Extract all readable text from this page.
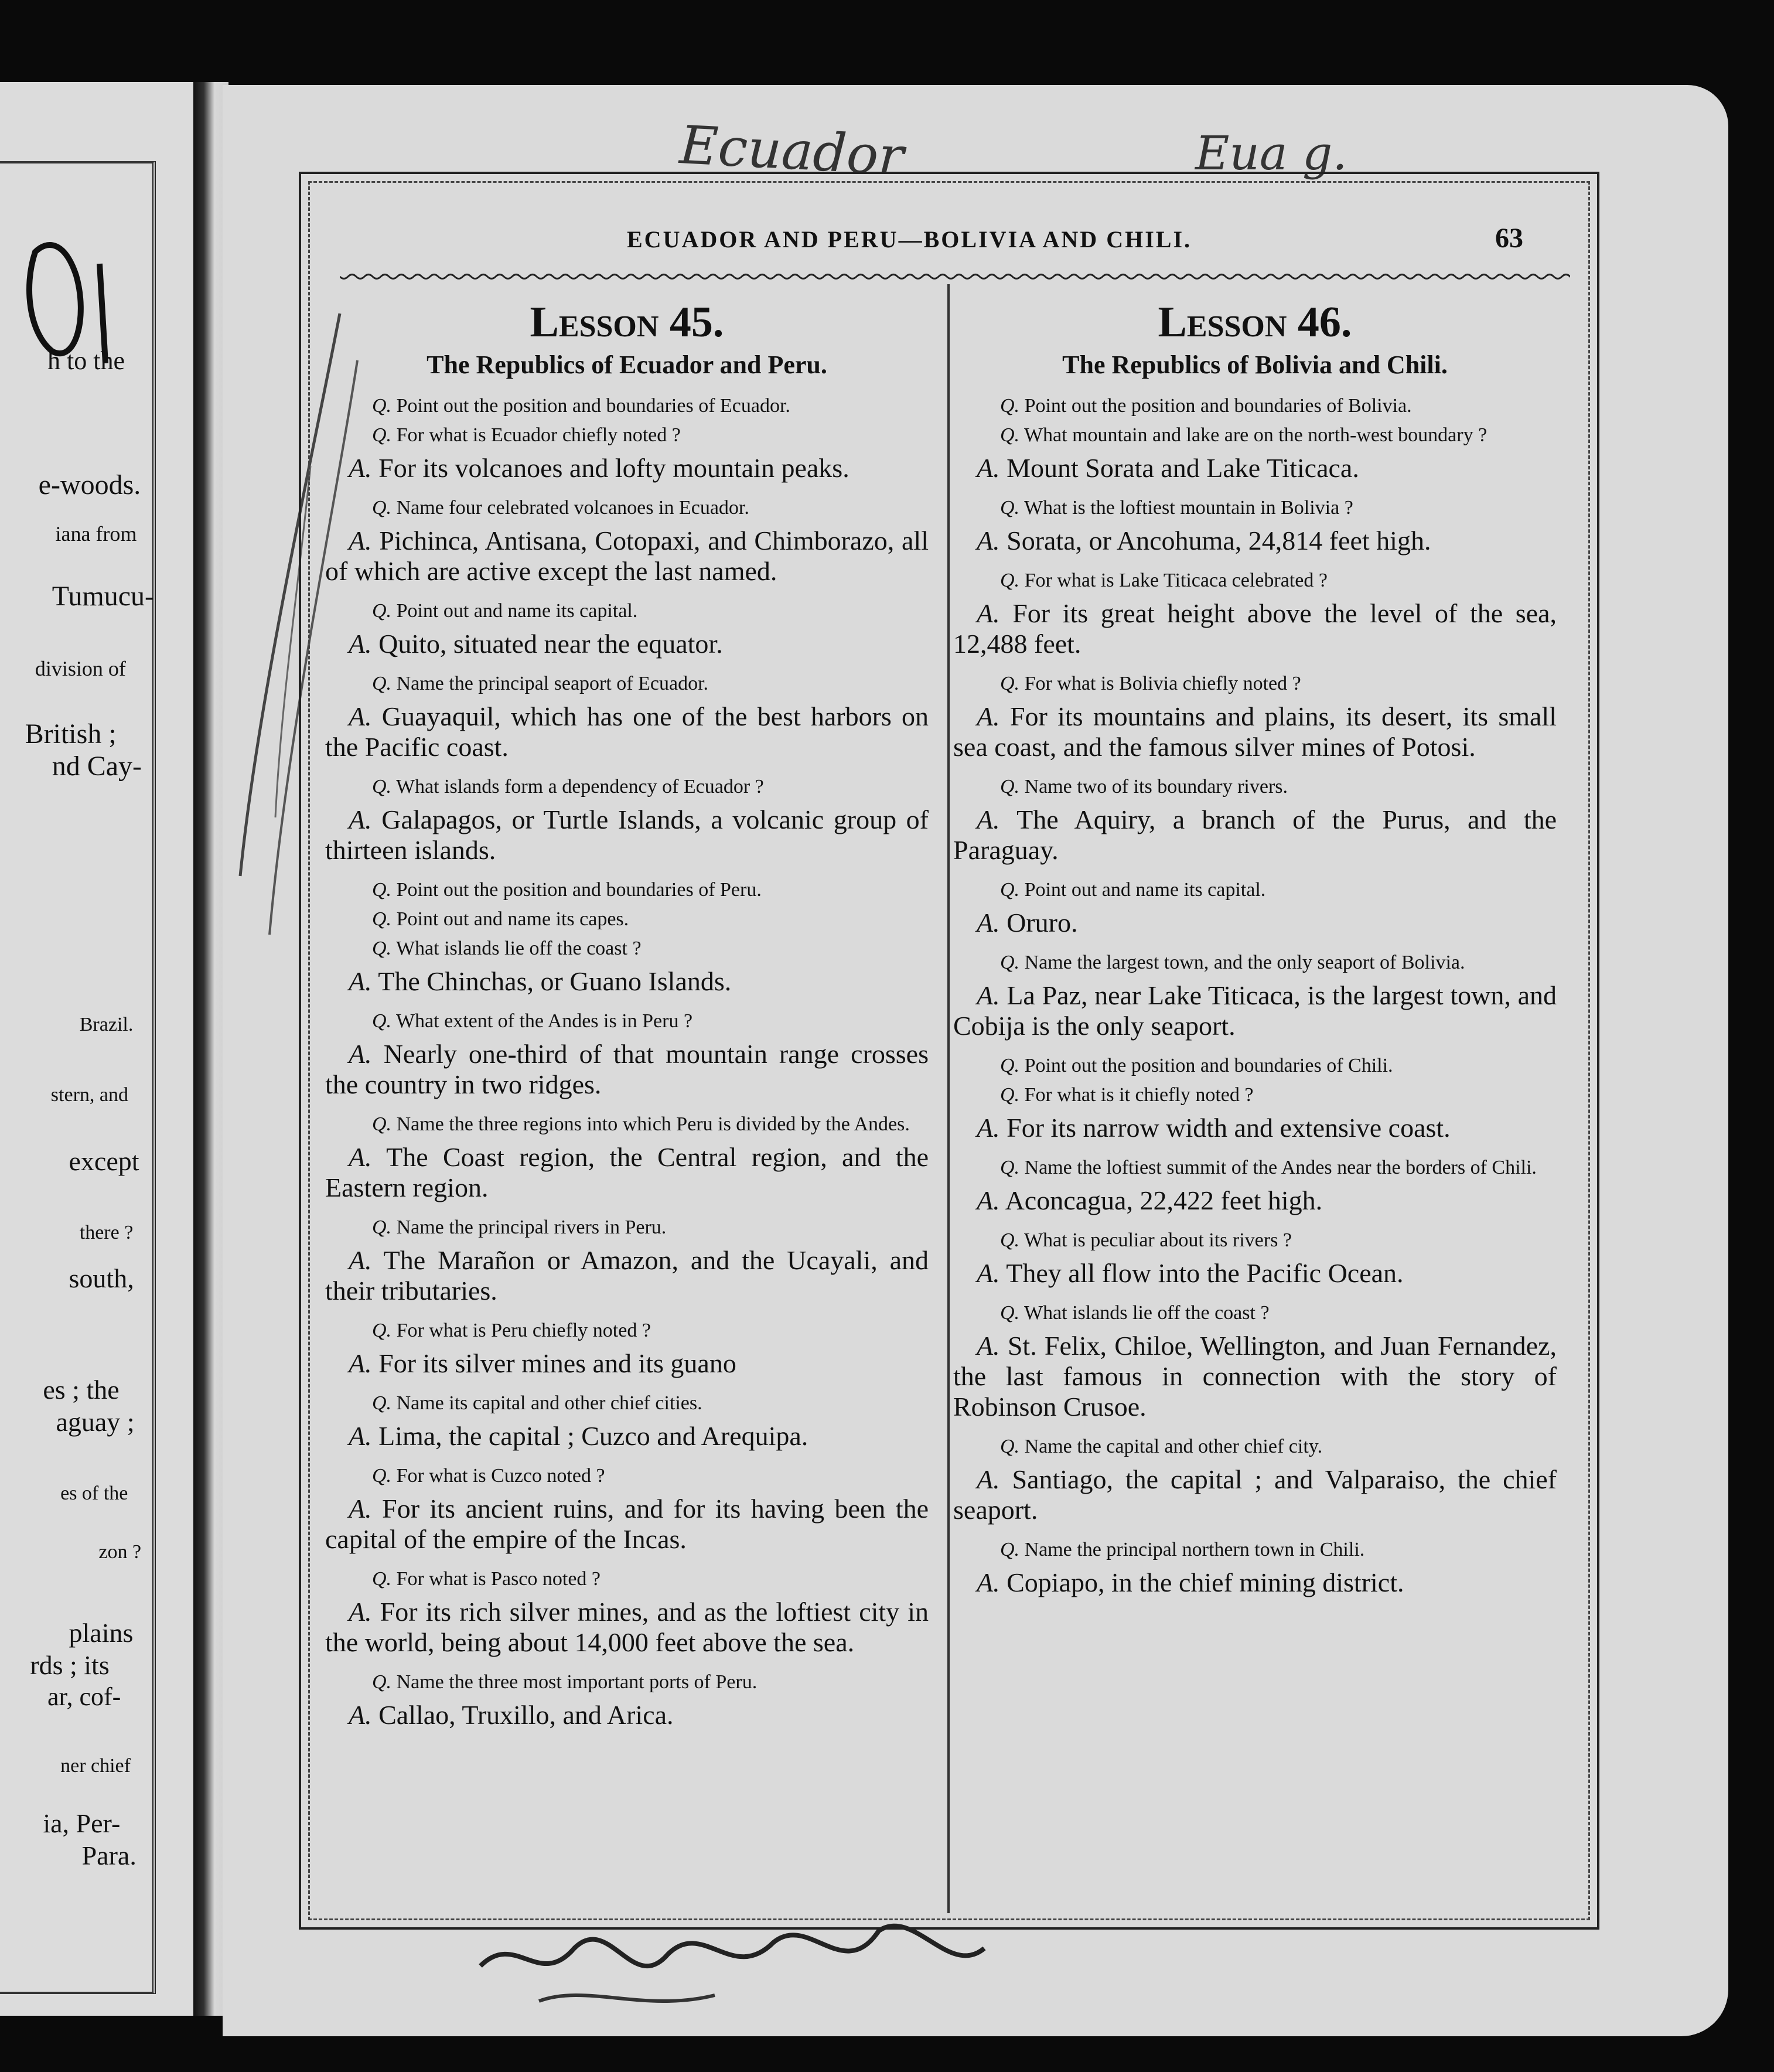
h to the
e-woods.
iana from
Tumucu-
division of
British ;
nd Cay-
Brazil.
stern, and
except
there ?
south,
es ; the
aguay ;
es of the
zon ?
plains
rds ; its
ar, cof-
ner chief
ia, Per-
Para.
Ecuador	Eua g.
ECUADOR AND PERU—BOLIVIA AND CHILI.	63
Lesson 45.
The Republics of Ecuador and Peru.

Q. Point out the position and boundaries of Ecuador.

Q. For what is Ecuador chiefly noted ?

A. For its volcanoes and lofty mountain peaks.

Q. Name four celebrated volcanoes in Ecuador.

A. Pichinca, Antisana, Cotopaxi, and Chimborazo, all of which are active except the last named.

Q. Point out and name its capital.

A. Quito, situated near the equator.

Q. Name the principal seaport of Ecuador.

A. Guayaquil, which has one of the best harbors on the Pacific coast.

Q. What islands form a dependency of Ecuador ?

A. Galapagos, or Turtle Islands, a volcanic group of thirteen islands.

Q. Point out the position and boundaries of Peru.

Q. Point out and name its capes.

Q. What islands lie off the coast ?

A. The Chinchas, or Guano Islands.

Q. What extent of the Andes is in Peru ?

A. Nearly one-third of that mountain range crosses the country in two ridges.

Q. Name the three regions into which Peru is divided by the Andes.

A. The Coast region, the Central region, and the Eastern region.

Q. Name the principal rivers in Peru.

A. The Marañon or Amazon, and the Ucayali, and their tributaries.

Q. For what is Peru chiefly noted ?

A. For its silver mines and its guano

Q. Name its capital and other chief cities.

A. Lima, the capital ; Cuzco and Arequipa.

Q. For what is Cuzco noted ?

A. For its ancient ruins, and for its having been the capital of the empire of the Incas.

Q. For what is Pasco noted ?

A. For its rich silver mines, and as the loftiest city in the world, being about 14,000 feet above the sea.

Q. Name the three most important ports of Peru.

A. Callao, Truxillo, and Arica.

Lesson 46.
The Republics of Bolivia and Chili.

Q. Point out the position and boundaries of Bolivia.

Q. What mountain and lake are on the north-west boundary ?

A. Mount Sorata and Lake Titicaca.

Q. What is the loftiest mountain in Bolivia ?

A. Sorata, or Ancohuma, 24,814 feet high.

Q. For what is Lake Titicaca celebrated ?

A. For its great height above the level of the sea, 12,488 feet.

Q. For what is Bolivia chiefly noted ?

A. For its mountains and plains, its desert, its small sea coast, and the famous silver mines of Potosi.

Q. Name two of its boundary rivers.

A. The Aquiry, a branch of the Purus, and the Paraguay.

Q. Point out and name its capital.

A. Oruro.

Q. Name the largest town, and the only seaport of Bolivia.

A. La Paz, near Lake Titicaca, is the largest town, and Cobija is the only seaport.

Q. Point out the position and boundaries of Chili.

Q. For what is it chiefly noted ?

A. For its narrow width and extensive coast.

Q. Name the loftiest summit of the Andes near the borders of Chili.

A. Aconcagua, 22,422 feet high.

Q. What is peculiar about its rivers ?

A. They all flow into the Pacific Ocean.

Q. What islands lie off the coast ?

A. St. Felix, Chiloe, Wellington, and Juan Fernandez, the last famous in connection with the story of Robinson Crusoe.

Q. Name the capital and other chief city.

A. Santiago, the capital ; and Valparaiso, the chief seaport.

Q. Name the principal northern town in Chili.

A. Copiapo, in the chief mining district.
